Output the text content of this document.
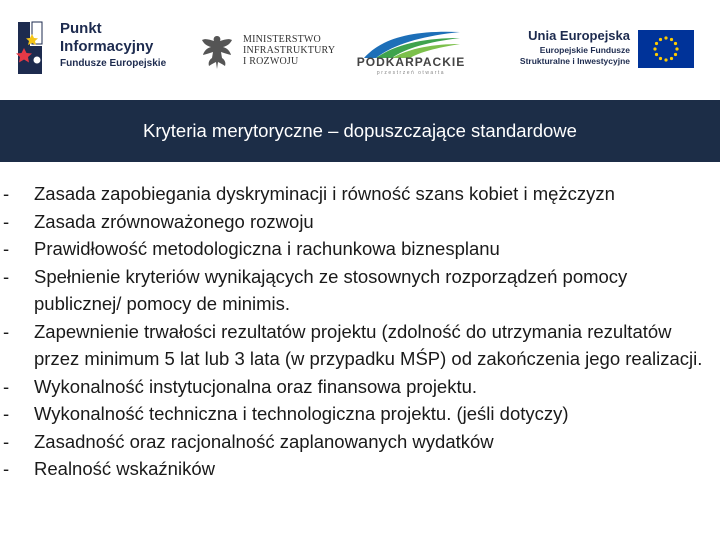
Punkt
Informacyjny
Fundusze Europejskie
MINISTERSTWO
INFRASTRUKTURY
I ROZWOJU	PODKARPACKIE
przestrzeń otwarta
Unia Europejska
Europejskie Fundusze
Strukturalne i Inwestycyjne
Kryteria merytoryczne – dopuszczające standardowe
- Zasada zapobiegania dyskryminacji i równość szans kobiet i mężczyzn
- Zasada zrównoważonego rozwoju
- Prawidłowość metodologiczna i rachunkowa biznesplanu
- Spełnienie kryteriów wynikających ze stosownych rozporządzeń pomocy publicznej/ pomocy de minimis.
- Zapewnienie trwałości rezultatów projektu (zdolność do utrzymania rezultatów przez minimum 5 lat lub 3 lata (w przypadku MŚP) od zakończenia jego realizacji.
- Wykonalność instytucjonalna oraz finansowa projektu.
- Wykonalność techniczna i technologiczna projektu. (jeśli dotyczy)
- Zasadność oraz racjonalność zaplanowanych wydatków
- Realność wskaźników
